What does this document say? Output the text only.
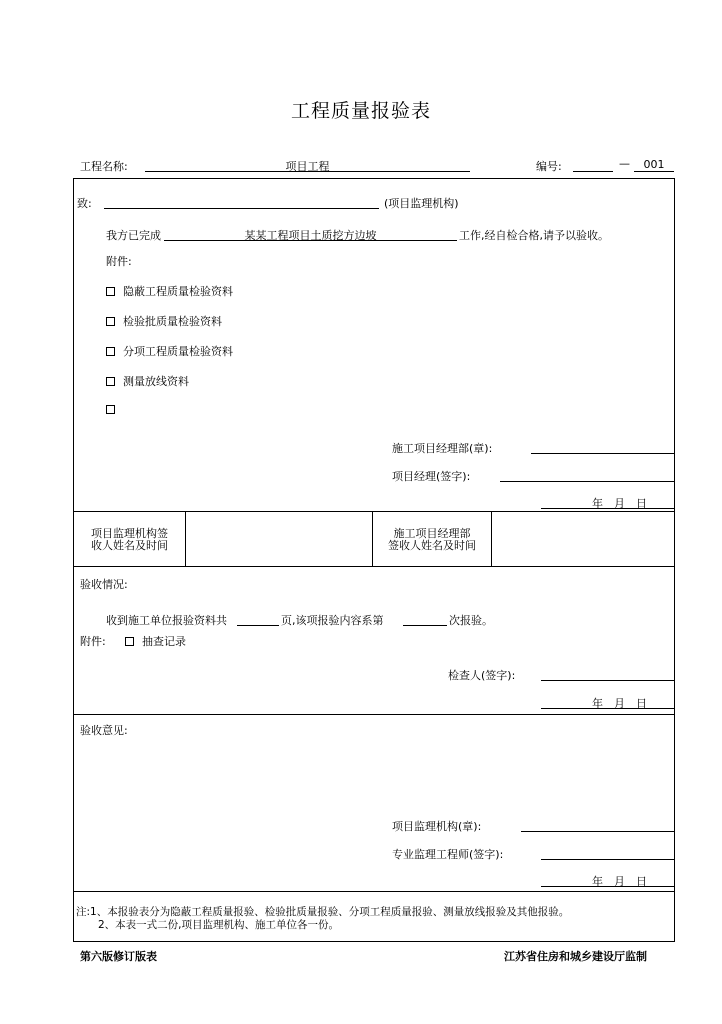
工程质量报验表
工程名称:	项目工程	编号:	—	001
致:	(项目监理机构)
我方已完成	某某工程项目土质挖方边坡	工作,经自检合格,请予以验收。
附件:
隐蔽工程质量检验资料
检验批质量检验资料
分项工程质量检验资料
测量放线资料
施工项目经理部(章):
项目经理(签字):
年　月　日
项目监理机构签
收人姓名及时间
施工项目经理部
签收人姓名及时间
验收情况:
收到施工单位报验资料共	页,该项报验内容系第	次报验。
附件:	抽查记录
检查人(签字):
年　月　日
验收意见:
项目监理机构(章):
专业监理工程师(签字):
年　月　日
注:1、本报验表分为隐蔽工程质量报验、检验批质量报验、分项工程质量报验、测量放线报验及其他报验。
2、本表一式二份,项目监理机构、施工单位各一份。
第六版修订版表	江苏省住房和城乡建设厅监制
